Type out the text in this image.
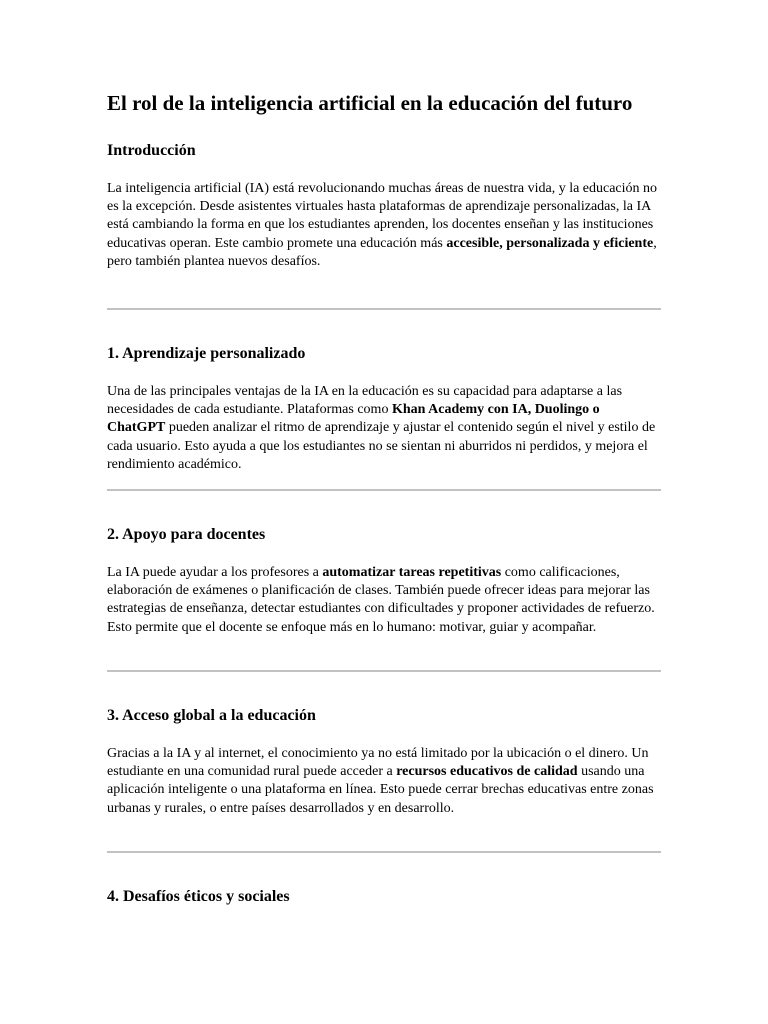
El rol de la inteligencia artificial en la educación del futuro
Introducción

La inteligencia artificial (IA) está revolucionando muchas áreas de nuestra vida, y la educación no es la excepción. Desde asistentes virtuales hasta plataformas de aprendizaje personalizadas, la IA está cambiando la forma en que los estudiantes aprenden, los docentes enseñan y las instituciones educativas operan. Este cambio promete una educación más accesible, personalizada y eficiente, pero también plantea nuevos desafíos.

1. Aprendizaje personalizado

Una de las principales ventajas de la IA en la educación es su capacidad para adaptarse a las necesidades de cada estudiante. Plataformas como Khan Academy con IA, Duolingo o ChatGPT pueden analizar el ritmo de aprendizaje y ajustar el contenido según el nivel y estilo de cada usuario. Esto ayuda a que los estudiantes no se sientan ni aburridos ni perdidos, y mejora el rendimiento académico.

2. Apoyo para docentes

La IA puede ayudar a los profesores a automatizar tareas repetitivas como calificaciones, elaboración de exámenes o planificación de clases. También puede ofrecer ideas para mejorar las estrategias de enseñanza, detectar estudiantes con dificultades y proponer actividades de refuerzo. Esto permite que el docente se enfoque más en lo humano: motivar, guiar y acompañar.

3. Acceso global a la educación

Gracias a la IA y al internet, el conocimiento ya no está limitado por la ubicación o el dinero. Un estudiante en una comunidad rural puede acceder a recursos educativos de calidad usando una aplicación inteligente o una plataforma en línea. Esto puede cerrar brechas educativas entre zonas urbanas y rurales, o entre países desarrollados y en desarrollo.

4. Desafíos éticos y sociales
